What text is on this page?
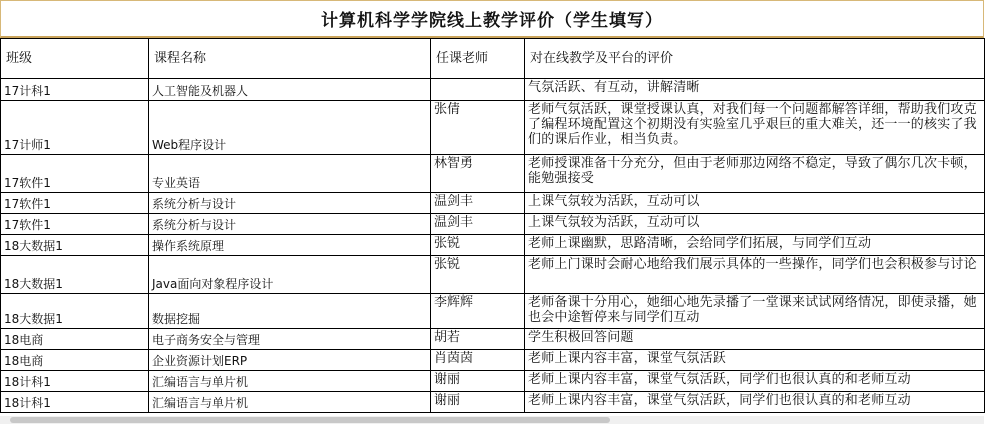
计算机科学学院线上教学评价（学生填写）
班级	课程名称	任课老师	对在线教学及平台的评价
17计科1	人工智能及机器人		气氛活跃、有互动，讲解清晰
17计师1	Web程序设计	张倩	老师气氛活跃，课堂授课认真，对我们每一个问题都解答详细，帮助我们攻克了编程环境配置这个初期没有实验室几乎艰巨的重大难关，还一一的核实了我们的课后作业，相当负责。
17软件1	专业英语	林智勇	老师授课准备十分充分，但由于老师那边网络不稳定，导致了偶尔几次卡顿，能勉强接受
17软件1	系统分析与设计	温剑丰	上课气氛较为活跃，互动可以
17软件1	系统分析与设计	温剑丰	上课气氛较为活跃，互动可以
18大数据1	操作系统原理	张锐	老师上课幽默，思路清晰，会给同学们拓展，与同学们互动
18大数据1	Java面向对象程序设计	张锐	老师上门课时会耐心地给我们展示具体的一些操作，同学们也会积极参与讨论
18大数据1	数据挖掘	李辉辉	老师备课十分用心，她细心地先录播了一堂课来试试网络情况，即使录播，她也会中途暂停来与同学们互动
18电商	电子商务安全与管理	胡若	学生积极回答问题
18电商	企业资源计划ERP	肖茵茵	老师上课内容丰富，课堂气氛活跃
18计科1	汇编语言与单片机	谢丽	老师上课内容丰富，课堂气氛活跃，同学们也很认真的和老师互动
18计科1	汇编语言与单片机	谢丽	老师上课内容丰富，课堂气氛活跃，同学们也很认真的和老师互动
